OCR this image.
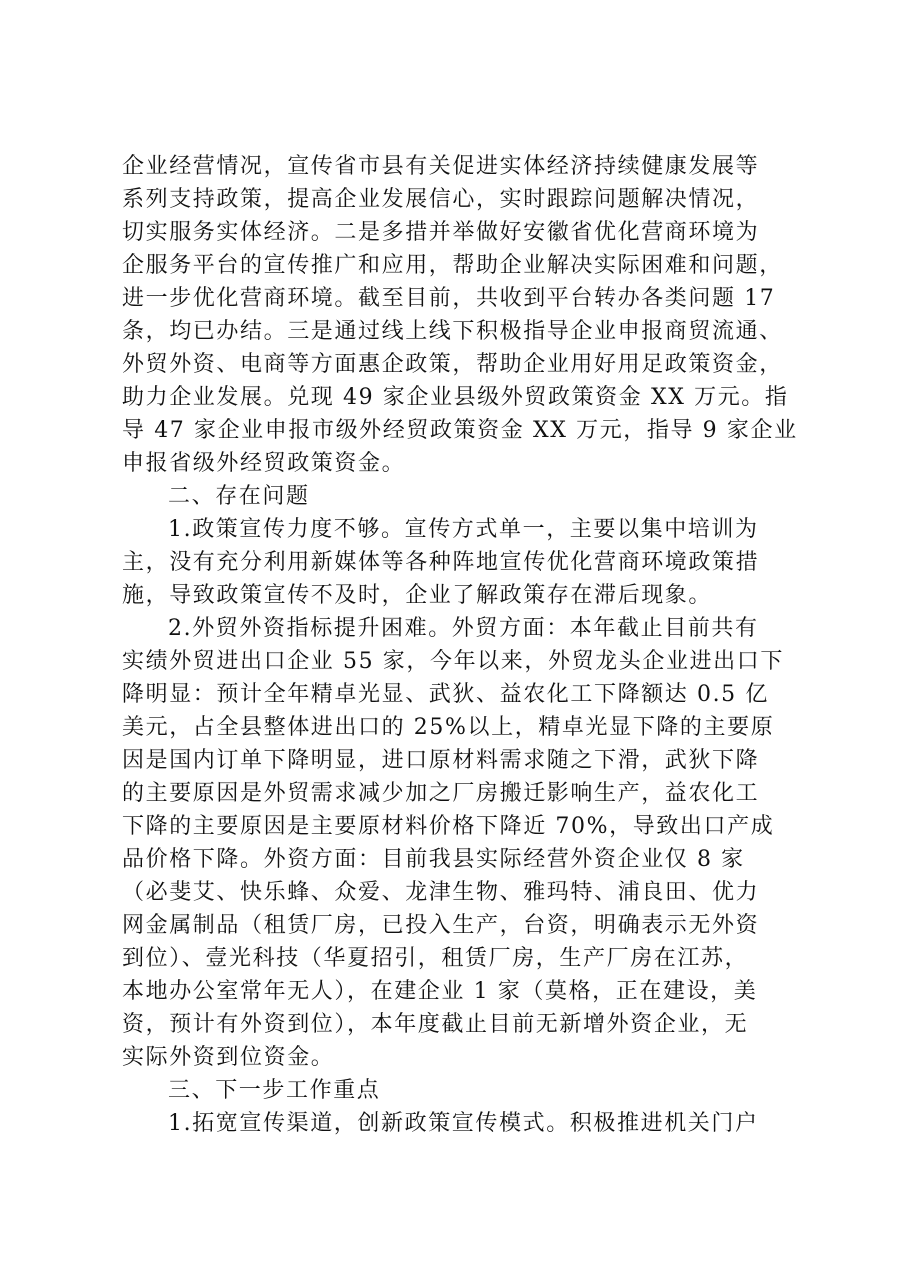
企业经营情况，宣传省市县有关促进实体经济持续健康发展等
系列支持政策，提高企业发展信心，实时跟踪问题解决情况，
切实服务实体经济。二是多措并举做好安徽省优化营商环境为
企服务平台的宣传推广和应用，帮助企业解决实际困难和问题，
进一步优化营商环境。截至目前，共收到平台转办各类问题 17
条，均已办结。三是通过线上线下积极指导企业申报商贸流通、
外贸外资、电商等方面惠企政策，帮助企业用好用足政策资金，
助力企业发展。兑现 49 家企业县级外贸政策资金 XX 万元。指
导 47 家企业申报市级外经贸政策资金 XX 万元，指导 9 家企业
申报省级外经贸政策资金。
二、存在问题
1.政策宣传力度不够。宣传方式单一，主要以集中培训为
主，没有充分利用新媒体等各种阵地宣传优化营商环境政策措
施，导致政策宣传不及时，企业了解政策存在滞后现象。
2.外贸外资指标提升困难。外贸方面：本年截止目前共有
实绩外贸进出口企业 55 家，今年以来，外贸龙头企业进出口下
降明显：预计全年精卓光显、武狄、益农化工下降额达 0.5 亿
美元，占全县整体进出口的 25%以上，精卓光显下降的主要原
因是国内订单下降明显，进口原材料需求随之下滑，武狄下降
的主要原因是外贸需求减少加之厂房搬迁影响生产，益农化工
下降的主要原因是主要原材料价格下降近 70%，导致出口产成
品价格下降。外资方面：目前我县实际经营外资企业仅 8 家
（必斐艾、快乐蜂、众爱、龙津生物、雅玛特、浦良田、优力
网金属制品（租赁厂房，已投入生产，台资，明确表示无外资
到位）、壹光科技（华夏招引，租赁厂房，生产厂房在江苏，
本地办公室常年无人），在建企业 1 家（莫格，正在建设，美
资，预计有外资到位），本年度截止目前无新增外资企业，无
实际外资到位资金。
三、下一步工作重点
1.拓宽宣传渠道，创新政策宣传模式。积极推进机关门户
